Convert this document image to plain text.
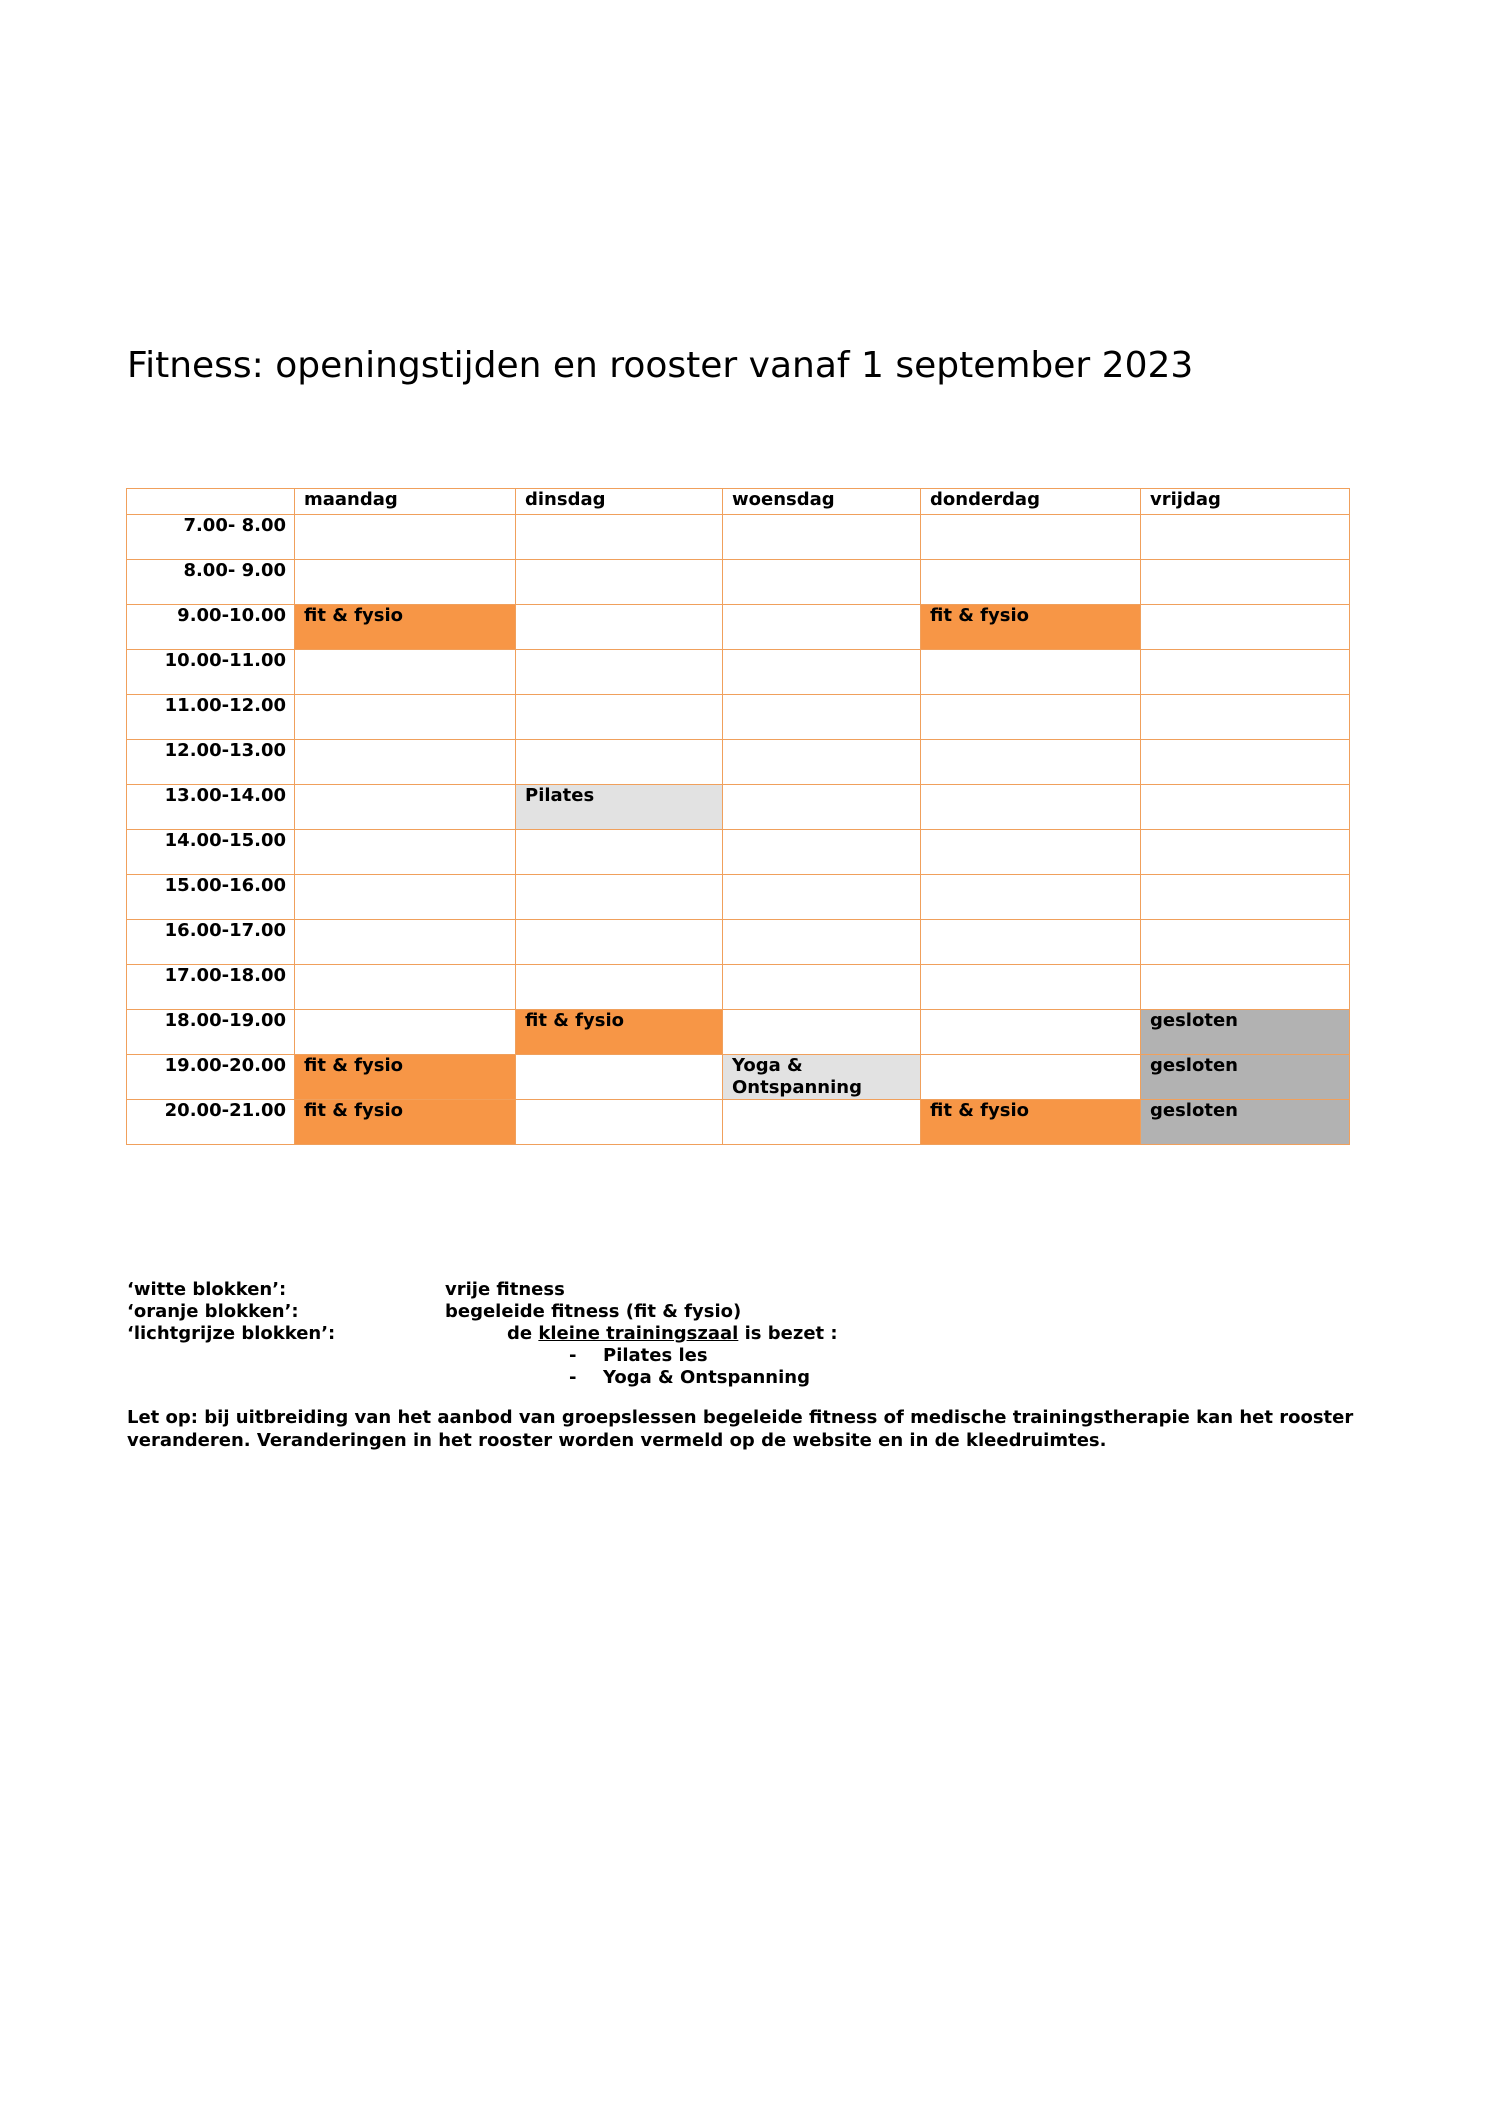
Fitness: openingstijden en rooster vanaf 1 september 2023
	maandag	dinsdag	woensdag	donderdag	vrijdag
7.00- 8.00					
8.00- 9.00					
9.00-10.00	fit & fysio			fit & fysio	
10.00-11.00					
11.00-12.00					
12.00-13.00					
13.00-14.00		Pilates			
14.00-15.00					
15.00-16.00					
16.00-17.00					
17.00-18.00					
18.00-19.00		fit & fysio			gesloten
19.00-20.00	fit & fysio		Yoga & Ontspanning		gesloten
20.00-21.00	fit & fysio			fit & fysio	gesloten
‘witte blokken’:	vrije fitness
‘oranje blokken’:	begeleide fitness (fit & fysio)
‘lichtgrijze blokken’:	de kleine trainingszaal is bezet :
- Pilates les
- Yoga & Ontspanning

Let op: bij uitbreiding van het aanbod van groepslessen begeleide fitness of medische trainingstherapie kan het rooster veranderen. Veranderingen in het rooster worden vermeld op de website en in de kleedruimtes.
